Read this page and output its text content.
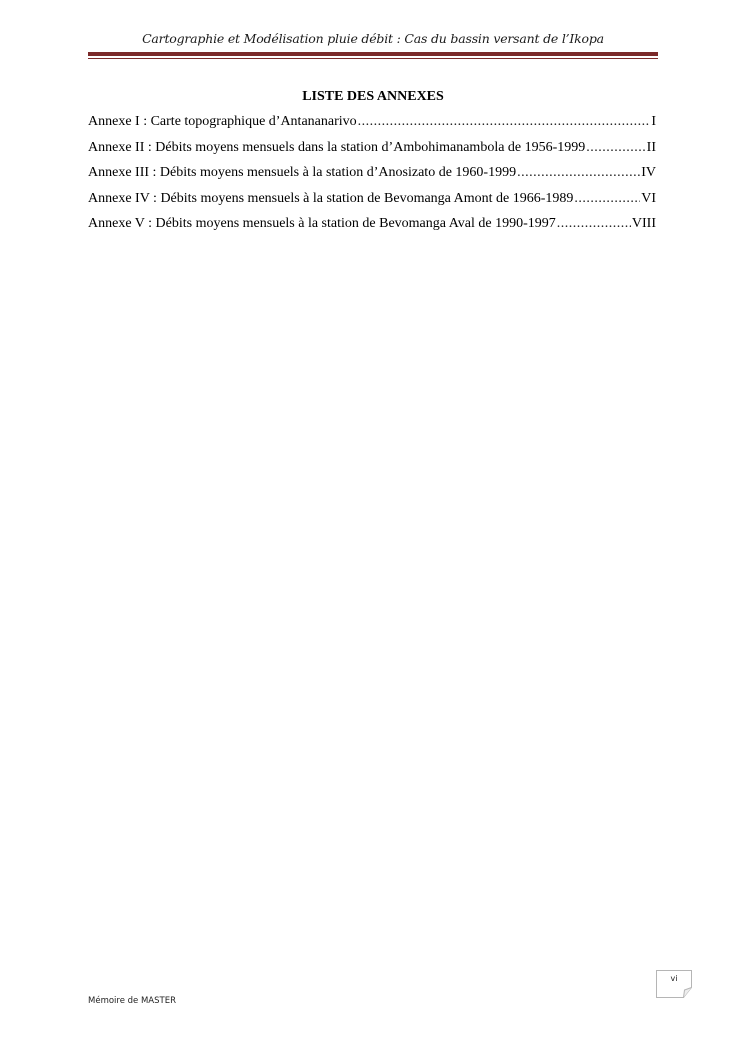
Cartographie et Modélisation pluie débit : Cas du bassin versant de l’Ikopa
LISTE DES ANNEXES
Annexe I : Carte topographique d’Antananarivo .....	I
Annexe II : Débits moyens mensuels dans la station d’Ambohimanambola de 1956-1999 .....	II
Annexe III : Débits moyens mensuels à la station d’Anosizato de 1960-1999 .....	IV
Annexe IV : Débits moyens mensuels à la station de Bevomanga Amont de 1966-1989 .....	VI
Annexe V : Débits moyens mensuels à la station de Bevomanga Aval de 1990-1997 .....	VIII
vi
Mémoire de MASTER
